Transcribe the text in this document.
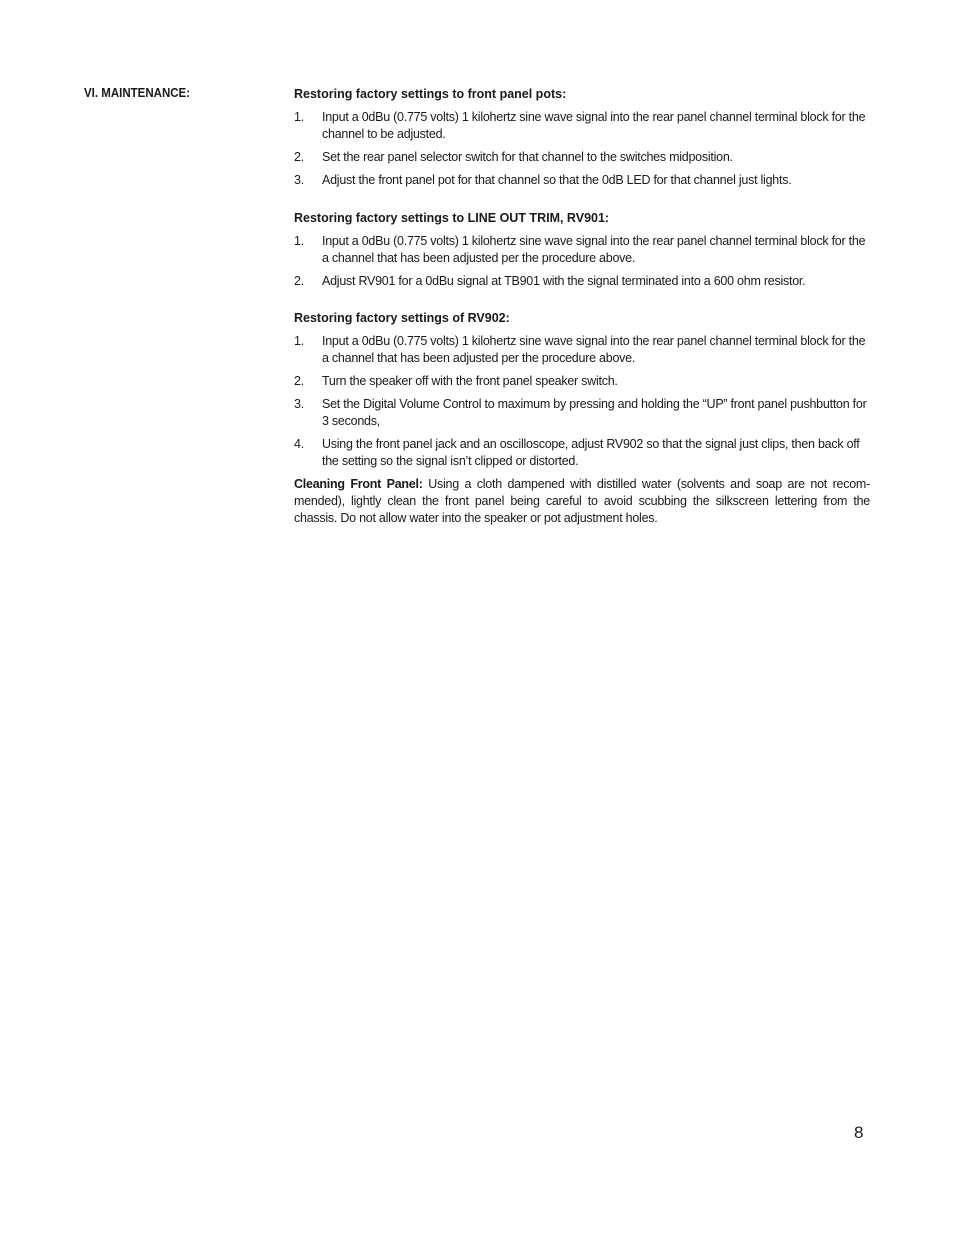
VI. MAINTENANCE:	Restoring factory settings to front panel pots:
1. Input a 0dBu (0.775 volts) 1 kilohertz sine wave signal into the rear panel channel terminal block for the channel to be adjusted.
2. Set the rear panel selector switch for that channel to the switches midposition.
3. Adjust the front panel pot for that channel so that the 0dB LED for that channel just lights.
Restoring factory settings to LINE OUT TRIM, RV901:
1. Input a 0dBu (0.775 volts) 1 kilohertz sine wave signal into the rear panel channel terminal block for the a channel that has been adjusted per the procedure above.
2. Adjust RV901 for a 0dBu signal at TB901 with the signal terminated into a 600 ohm resistor.
Restoring factory settings of RV902:
1. Input a 0dBu (0.775 volts) 1 kilohertz sine wave signal into the rear panel channel terminal block for the a channel that has been adjusted per the procedure above.
2. Turn the speaker off with the front panel speaker switch.
3. Set the Digital Volume Control to maximum by pressing and holding the “UP” front panel pushbutton for 3 seconds,
4. Using the front panel jack and an oscilloscope, adjust RV902 so that the signal just clips, then back off the setting so the signal isn’t clipped or distorted.

Cleaning Front Panel: Using a cloth dampened with distilled water (solvents and soap are not recom-mended), lightly clean the front panel being careful to avoid scubbing the silkscreen lettering from the chassis. Do not allow water into the speaker or pot adjustment holes.

8
